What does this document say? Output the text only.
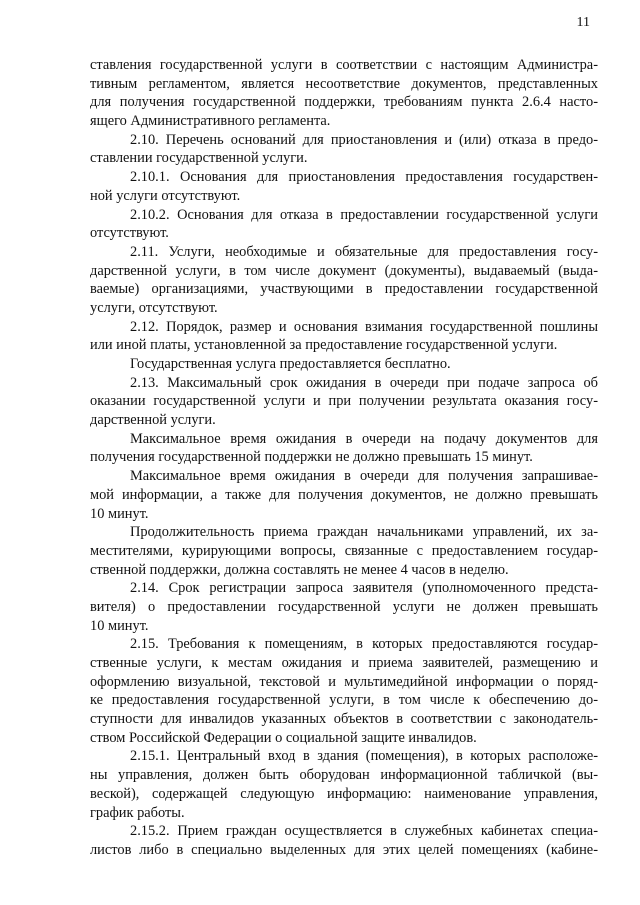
11
ставления государственной услуги в соответствии с настоящим Администра-
тивным регламентом, является несоответствие документов, представленных
для получения государственной поддержки, требованиям пункта 2.6.4 насто-
ящего Административного регламента.
2.10. Перечень оснований для приостановления и (или) отказа в предо-
ставлении государственной услуги.
2.10.1. Основания для приостановления предоставления государствен-
ной услуги отсутствуют.
2.10.2. Основания для отказа в предоставлении государственной услуги
отсутствуют.
2.11. Услуги, необходимые и обязательные для предоставления госу-
дарственной услуги, в том числе документ (документы), выдаваемый (выда-
ваемые) организациями, участвующими в предоставлении государственной
услуги, отсутствуют.
2.12. Порядок, размер и основания взимания государственной пошлины
или иной платы, установленной за предоставление государственной услуги.
Государственная услуга предоставляется бесплатно.
2.13. Максимальный срок ожидания в очереди при подаче запроса об
оказании государственной услуги и при получении результата оказания госу-
дарственной услуги.
Максимальное время ожидания в очереди на подачу документов для
получения государственной поддержки не должно превышать 15 минут.
Максимальное время ожидания в очереди для получения запрашивае-
мой информации, а также для получения документов, не должно превышать
10 минут.
Продолжительность приема граждан начальниками управлений, их за-
местителями, курирующими вопросы, связанные с предоставлением государ-
ственной поддержки, должна составлять не менее 4 часов в неделю.
2.14. Срок регистрации запроса заявителя (уполномоченного предста-
вителя) о предоставлении государственной услуги не должен превышать
10 минут.
2.15. Требования к помещениям, в которых предоставляются государ-
ственные услуги, к местам ожидания и приема заявителей, размещению и
оформлению визуальной, текстовой и мультимедийной информации о поряд-
ке предоставления государственной услуги, в том числе к обеспечению до-
ступности для инвалидов указанных объектов в соответствии с законодатель-
ством Российской Федерации о социальной защите инвалидов.
2.15.1. Центральный вход в здания (помещения), в которых расположе-
ны управления, должен быть оборудован информационной табличкой (вы-
веской), содержащей следующую информацию: наименование управления,
график работы.
2.15.2. Прием граждан осуществляется в служебных кабинетах специа-
листов либо в специально выделенных для этих целей помещениях (кабине-
